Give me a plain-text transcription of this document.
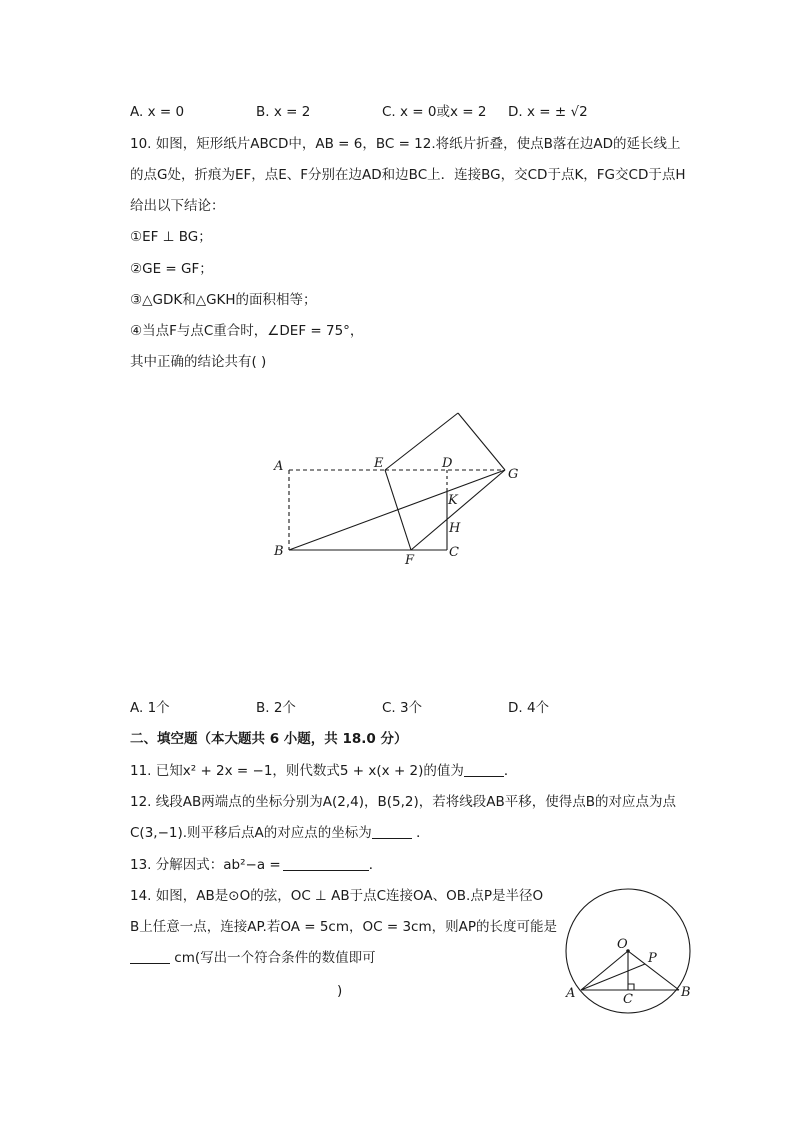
A. x = 0	B. x = 2	C. x = 0或x = 2 D. x = ± √2
10. 如图，矩形纸片ABCD中，AB = 6，BC = 12.将纸片折叠，使点B落在边AD的延长线上
的点G处，折痕为EF，点E、F分别在边AD和边BC上．连接BG，交CD于点K，FG交CD于点H
给出以下结论：
①EF ⊥ BG；
②GE = GF；
③△GDK和△GKH的面积相等；
④当点F与点C重合时，∠DEF = 75°，
其中正确的结论共有( )
A	E	D
G
K
H
B
F
C
A. 1个	B. 2个	C. 3个	D. 4个
二、填空题（本大题共 6 小题，共 18.0 分）
11. 已知x² + 2x = −1，则代数式5 + x(x + 2)的值为	．
12. 线段AB两端点的坐标分别为A(2,4)，B(5,2)，若将线段AB平移，使得点B的对应点为点
C(3,−1).则平移后点A的对应点的坐标为	．
13. 分解因式：ab²−a =	．
14. 如图，AB是⊙O的弦，OC ⊥ AB于点C连接OA、OB.点P是半径O
B上任意一点，连接AP.若OA = 5cm，OC = 3cm，则AP的长度可能是
cm(写出一个符合条件的数值即可
)
O
P
A	C	B
